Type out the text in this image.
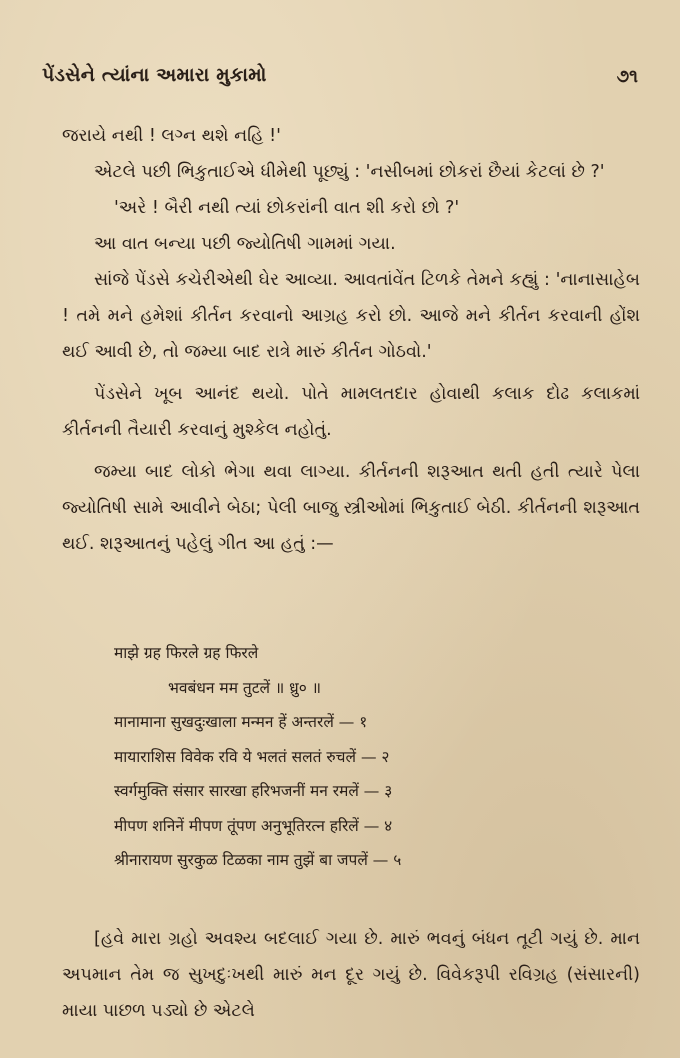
પેંડસેને ત્યાંના અમારા મુકામો	૭૧

જરાયે નથી ! લગ્ન થશે નહિ !'

એટલે પછી ભિકુતાઈએ ધીમેથી પૂછ્યું : 'નસીબમાં છોકરાં છૈયાં કેટલાં છે ?'

'અરે ! બૈરી નથી ત્યાં છોકરાંની વાત શી કરો છો ?'

આ વાત બન્યા પછી જ્યોતિષી ગામમાં ગયા.

સાંજે પેંડસે કચેરીએથી ઘેર આવ્યા. આવતાંવેંત ટિળકે તેમને કહ્યું : 'નાનાસાહેબ ! તમે મને હમેશાં કીર્તન કરવાનો આગ્રહ કરો છો. આજે મને કીર્તન કરવાની હોંશ થઈ આવી છે, તો જમ્યા બાદ રાત્રે મારું કીર્તન ગોઠવો.'

પેંડસેને ખૂબ આનંદ થયો. પોતે મામલતદાર હોવાથી કલાક દોઢ કલાકમાં કીર્તનની તૈયારી કરવાનું મુશ્કેલ નહોતું.

જમ્યા બાદ લોકો ભેગા થવા લાગ્યા. કીર્તનની શરૂઆત થતી હતી ત્યારે પેલા જ્યોતિષી સામે આવીને બેઠા; પેલી બાજુ સ્ત્રીઓમાં ભિકુતાઈ બેઠી. કીર્તનની શરૂઆત થઈ. શરૂઆતનું પહેલું ગીત આ હતું :—

माझे ग्रह फिरले ग्रह फिरले
भवबंधन मम तुटलें ॥ ध्रु० ॥
मानामाना सुखदुःखाला मन्मन हें अन्तरलें — १
मायाराशिस विवेक रवि ये भलतं सलतं रुचलें — २
स्वर्गमुक्ति संसार सारखा हरिभजनीं मन रमलें — ३
मीपण शनिनें मीपण तूंपण अनुभूतिरत्न हरिलें — ४
श्रीनारायण सुरकुळ टिळका नाम तुझें बा जपलें — ५

[હવે મારા ગ્રહો અવશ્ય બદલાઈ ગયા છે. મારું ભવનું બંધન તૂટી ગયું છે. માન અપમાન તેમ જ સુખદુઃખથી મારું મન દૂર ગયું છે. વિવેકરૂપી રવિગ્રહ (સંસારની) માયા પાછળ પડ્યો છે એટલે
